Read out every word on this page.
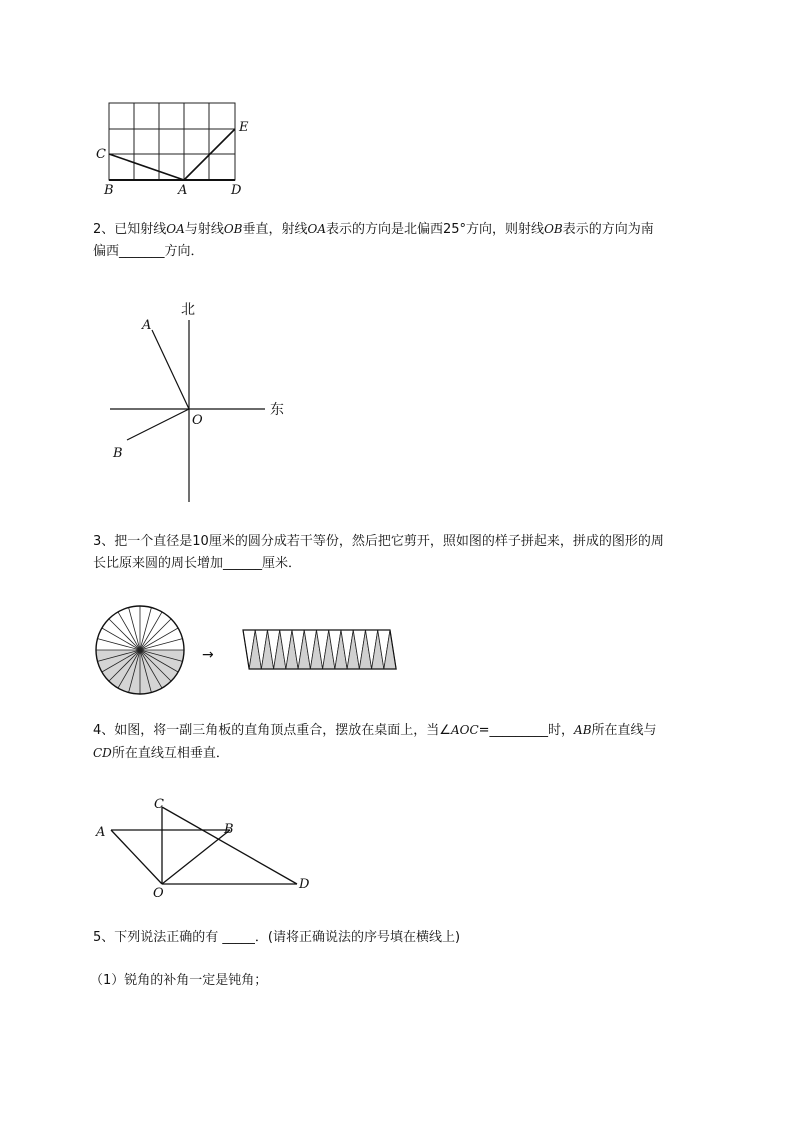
C
E
B	A	D
2、已知射线OA与射线OB垂直，射线OA表示的方向是北偏西25°方向，则射线OB表示的方向为南
偏西_______方向．
北
东
A
O
B
3、把一个直径是10厘米的圆分成若干等份，然后把它剪开，照如图的样子拼起来，拼成的图形的周
长比原来圆的周长增加______厘米．
→
4、如图，将一副三角板的直角顶点重合，摆放在桌面上，当∠AOC=_________时，AB所在直线与
CD所在直线互相垂直．
C
A	B
O
D
5、下列说法正确的有 _____．(请将正确说法的序号填在横线上)
（1）锐角的补角一定是钝角；
